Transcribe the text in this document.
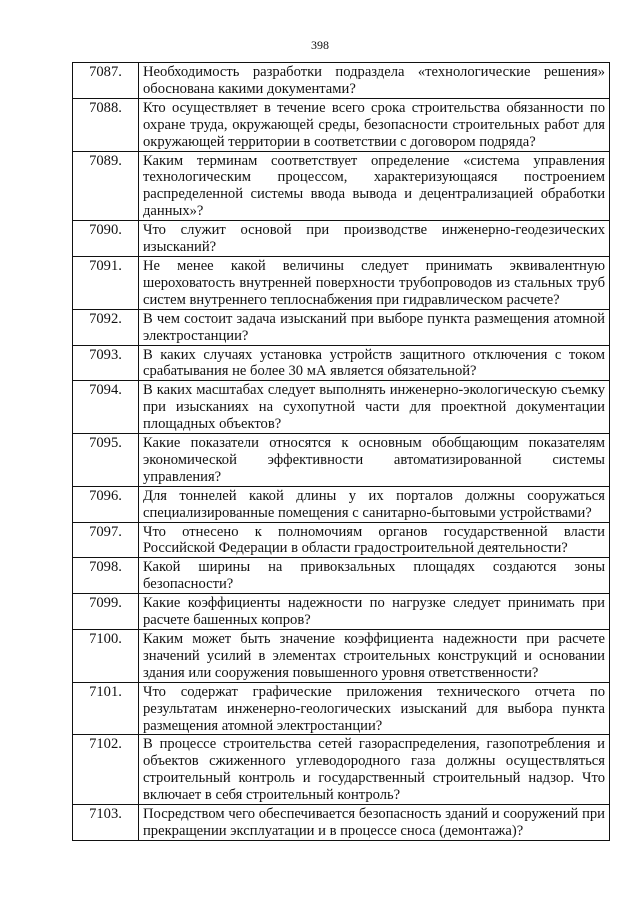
398
7087.	Необходимость разработки подраздела «технологические решения» обоснована какими документами?
7088.	Кто осуществляет в течение всего срока строительства обязанности по охране труда, окружающей среды, безопасности строительных работ для окружающей территории в соответствии с договором подряда?
7089.	Каким терминам соответствует определение «система управления технологическим процессом, характеризующаяся построением распределенной системы ввода вывода и децентрализацией обработки данных»?
7090.	Что служит основой при производстве инженерно-геодезических изысканий?
7091.	Не менее какой величины следует принимать эквивалентную шероховатость внутренней поверхности трубопроводов из стальных труб систем внутреннего теплоснабжения при гидравлическом расчете?
7092.	В чем состоит задача изысканий при выборе пункта размещения атомной электростанции?
7093.	В каких случаях установка устройств защитного отключения с током срабатывания не более 30 мА является обязательной?
7094.	В каких масштабах следует выполнять инженерно-экологическую съемку при изысканиях на сухопутной части для проектной документации площадных объектов?
7095.	Какие показатели относятся к основным обобщающим показателям экономической эффективности автоматизированной системы управления?
7096.	Для тоннелей какой длины у их порталов должны сооружаться специализированные помещения с санитарно-бытовыми устройствами?
7097.	Что отнесено к полномочиям органов государственной власти Российской Федерации в области градостроительной деятельности?
7098.	Какой ширины на привокзальных площадях создаются зоны безопасности?
7099.	Какие коэффициенты надежности по нагрузке следует принимать при расчете башенных копров?
7100.	Каким может быть значение коэффициента надежности при расчете значений усилий в элементах строительных конструкций и основании здания или сооружения повышенного уровня ответственности?
7101.	Что содержат графические приложения технического отчета по результатам инженерно-геологических изысканий для выбора пункта размещения атомной электростанции?
7102.	В процессе строительства сетей газораспределения, газопотребления и объектов сжиженного углеводородного газа должны осуществляться строительный контроль и государственный строительный надзор. Что включает в себя строительный контроль?
7103.	Посредством чего обеспечивается безопасность зданий и сооружений при прекращении эксплуатации и в процессе сноса (демонтажа)?
